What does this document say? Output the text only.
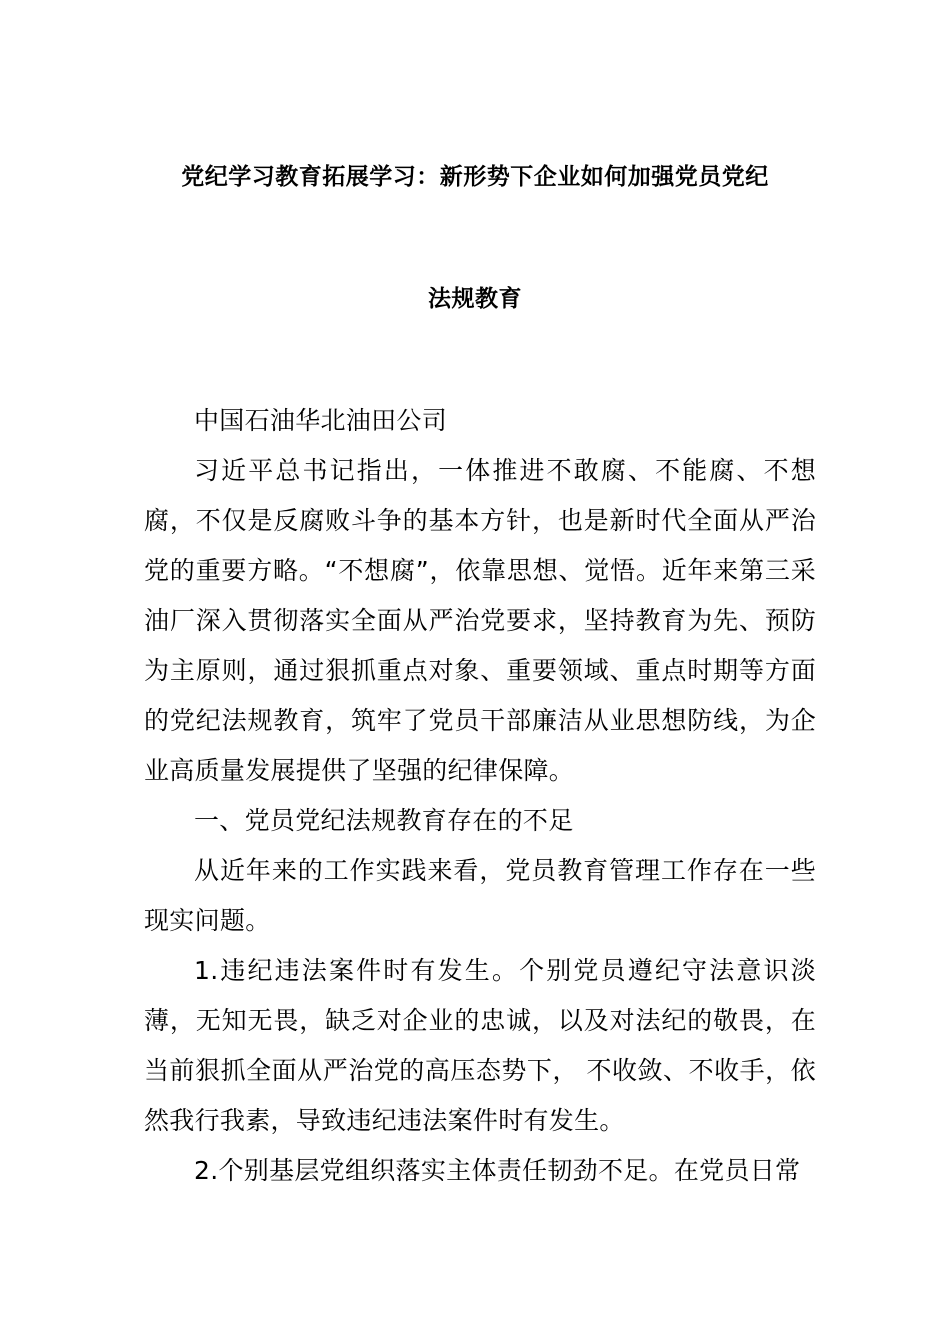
党纪学习教育拓展学习：新形势下企业如何加强党员党纪
法规教育

中国石油华北油田公司

习近平总书记指出，一体推进不敢腐、不能腐、不想腐，不仅是反腐败斗争的基本方针，也是新时代全面从严治党的重要方略。“不想腐”，依靠思想、觉悟。近年来第三采油厂深入贯彻落实全面从严治党要求，坚持教育为先、预防为主原则，通过狠抓重点对象、重要领域、重点时期等方面的党纪法规教育，筑牢了党员干部廉洁从业思想防线，为企业高质量发展提供了坚强的纪律保障。

一、党员党纪法规教育存在的不足

从近年来的工作实践来看，党员教育管理工作存在一些现实问题。

1.违纪违法案件时有发生。个别党员遵纪守法意识淡薄，无知无畏，缺乏对企业的忠诚，以及对法纪的敬畏，在当前狠抓全面从严治党的高压态势下， 不收敛、不收手，依然我行我素，导致违纪违法案件时有发生。

2.个别基层党组织落实主体责任韧劲不足。在党员日常
